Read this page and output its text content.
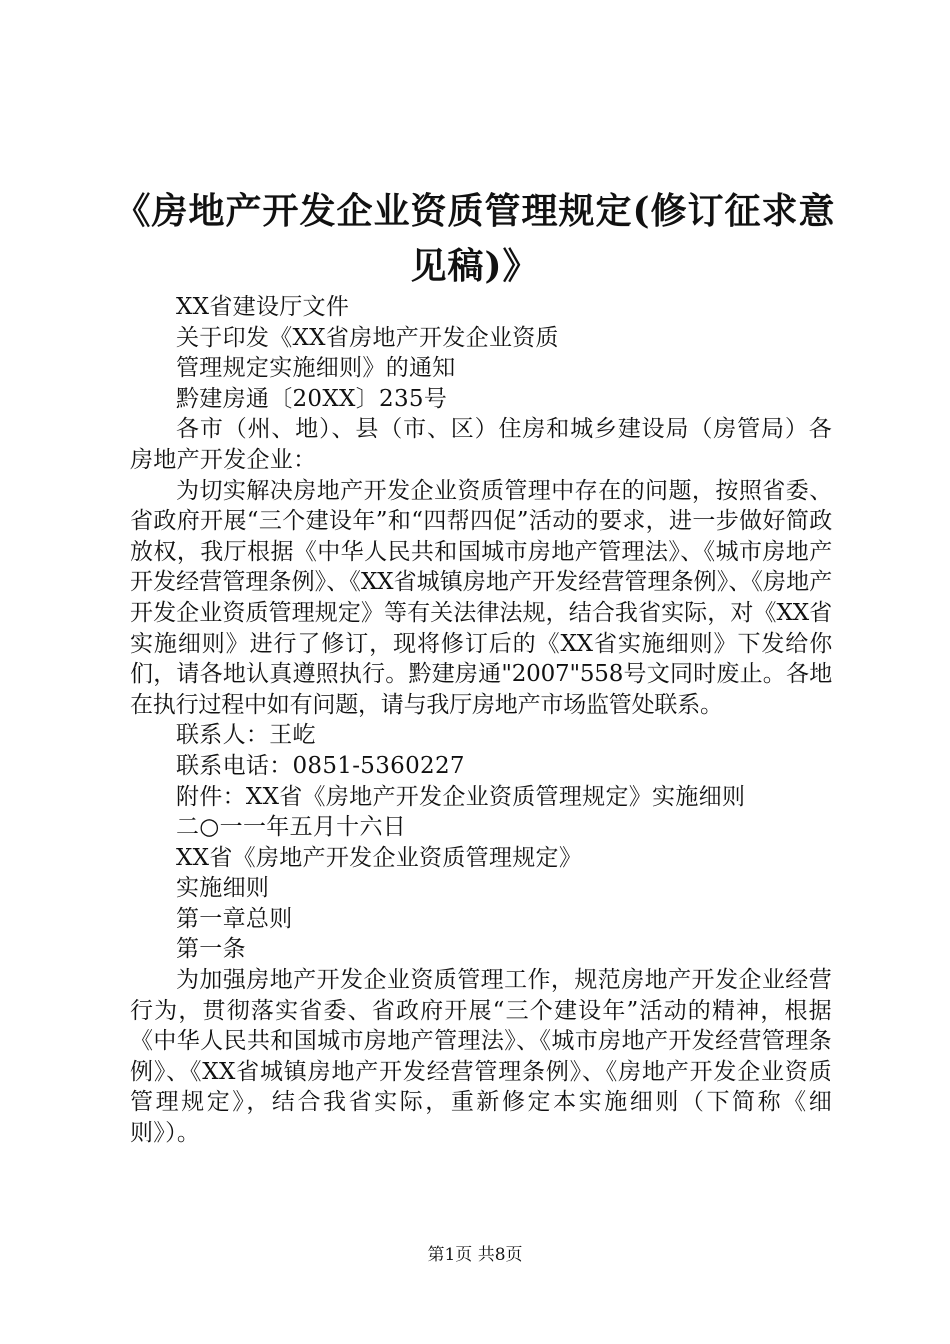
《房地产开发企业资质管理规定(修订征求意
见稿)》

XX省建设厅文件

关于印发《XX省房地产开发企业资质

管理规定实施细则》的通知

黔建房通〔20XX〕235号

各市（州、地）、县（市、区）住房和城乡建设局（房管局）各房地产开发企业：

为切实解决房地产开发企业资质管理中存在的问题，按照省委、省政府开展“三个建设年”和“四帮四促”活动的要求，进一步做好简政放权，我厅根据《中华人民共和国城市房地产管理法》、《城市房地产开发经营管理条例》、《XX省城镇房地产开发经营管理条例》、《房地产开发企业资质管理规定》等有关法律法规，结合我省实际，对《XX省实施细则》进行了修订，现将修订后的《XX省实施细则》下发给你们，请各地认真遵照执行。黔建房通"2007"558号文同时废止。各地在执行过程中如有问题，请与我厅房地产市场监管处联系。

联系人：王屹

联系电话：0851-5360227

附件：XX省《房地产开发企业资质管理规定》实施细则

二○一一年五月十六日

XX省《房地产开发企业资质管理规定》

实施细则

第一章总则

第一条

为加强房地产开发企业资质管理工作，规范房地产开发企业经营行为，贯彻落实省委、省政府开展“三个建设年”活动的精神，根据《中华人民共和国城市房地产管理法》、《城市房地产开发经营管理条例》、《XX省城镇房地产开发经营管理条例》、《房地产开发企业资质管理规定》，结合我省实际，重新修定本实施细则（下简称《细则》）。

第1页 共8页
